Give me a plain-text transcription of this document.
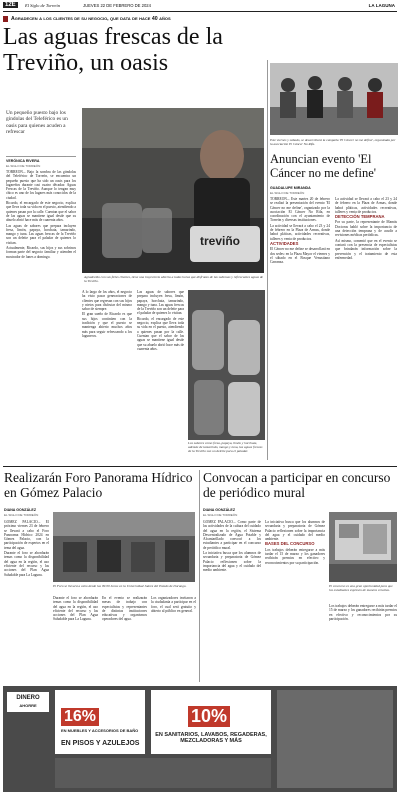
12E	El Siglo de Torreón	JUEVES 22 DE FEBRERO DE 2024	LA LAGUNA
Agradecen a los clientes de su negocio, que data de hace 40 años
Las aguas frescas de la Treviño, un oasis
Un pequeño puesto bajo los gindolas del Teleférico es un oasis para quienes acuden a refrescar
VERÓNICA RIVERA
EL SIGLO DE TORREÓN

TORREÓN.– Bajo la sombra de las góndolas del Teleférico de Torreón, se encuentra un pequeño puesto que ha sido un oasis para los lugareños durante casi cuatro décadas: Aguas Frescas de la Treviño. Aunque lo tengan muy chico es uno de los lugares más conocidos de la ciudad.

Ricardo, el encargado de este negocio, explica que lleva toda su vida en el puesto, atendiendo a quienes pasan por la calle. Cuentan que el sabor de las aguas se mantiene igual desde que su abuelo abrió hace más de cuarenta años.

Las aguas de sabores que prepara incluyen fresa, limón, papaya, horchata, tamarindo, mango y tuna. Las aguas frescas de la Treviño son un deleite para el paladar de quienes lo visitan.

Actualmente, Ricardo, sus hijos y sus sobrinos forman parte del negocio familiar y atienden el mostrador de lunes a domingo.

treviño
Agradecido con sus fieles clientes, tiene una trayectoria abierta a todas horas que disfrutan de las sabrosas y refrescantes aguas de la Treviño.

A lo largo de los años, el negocio ha visto pasar generaciones de clientes que regresan con sus hijos y nietos para disfrutar del mismo sabor de siempre.

El gran sueño de Ricardo es que sus hijos continúen con la tradición y que el puesto se mantenga abierto muchos años más para seguir refrescando a los laguneros.

Las aguas de sabores que prepara incluyen fresa, limón, papaya, horchata, tamarindo, mango y tuna. Las aguas frescas de la Treviño son un deleite para el paladar de quienes lo visitan.

Ricardo, el encargado de este negocio, explica que lleva toda su vida en el puesto, atendiendo a quienes pasan por la calle. Cuentan que el sabor de las aguas se mantiene igual desde que su abuelo abrió hace más de cuarenta años.

Los sabores como fresa, papaya, limón y horchata, además de tamarindo, mango y tuna, las aguas frescas de la Treviño son un deleite para el paladar.
Este viernes y sábado, se desarrollará la campaña 'El Cáncer no me define', organizada por la asociación El Cáncer No Rifa.
Anuncian evento 'El Cáncer no me define'
GUADALUPE MIRANDA
EL SIGLO DE TORREÓN

TORREÓN.– Este martes 20 de febrero se realizó la presentación del evento 'El Cáncer no me define', organizado por la asociación El Cáncer No Rifa, en coordinación con el ayuntamiento de Torreón y diversas instituciones.

La actividad se llevará a cabo el 23 y 24 de febrero en la Plaza de Armas, donde habrá pláticas, actividades recreativas, talleres y venta de productos.

ACTIVIDADES

El Cáncer no me define se desarrollará en dos sedes: en la Plaza Mayor el viernes y el sábado en el Bosque Venustiano Carranza.

La actividad se llevará a cabo el 23 y 24 de febrero en la Plaza de Armas, donde habrá pláticas, actividades recreativas, talleres y venta de productos.

DETECCIÓN TEMPRANA

Por su parte, la representante de Mamás Doctoras habló sobre la importancia de una detección temprana y de acudir a revisiones médicas periódicas.

Así mismo, comentó que en el evento se contará con la presencia de especialistas que brindarán información sobre la prevención y el tratamiento de esta enfermedad.

Realizarán Foro Panorama Hídrico en Gómez Palacio
DIANA GONZÁLEZ
EL SIGLO DE TORREÓN

GÓMEZ PALACIO.– El próximo viernes 23 de febrero se llevará a cabo el Foro Panorama Hídrico 2024 en Gómez Palacio, con la participación de expertos en el tema del agua.

Durante el foro se abordarán temas como la disponibilidad del agua en la región, el uso eficiente del recurso y las acciones del Plan Agua Saludable para La Laguna.

El Foro se llevará a cabo desde las 09:00 horas en la Universidad Juárez del Estado de Durango.

Durante el foro se abordarán temas como la disponibilidad del agua en la región, el uso eficiente del recurso y las acciones del Plan Agua Saludable para La Laguna.

En el evento se realizarán mesas de trabajo con especialistas y representantes de distintas instituciones educativas y organismos operadores del agua.

Los organizadores invitaron a la ciudadanía a participar en el foro, el cual será gratuito y abierto al público en general.

Convocan a participar en concurso de periódico mural
DIANA GONZÁLEZ
EL SIGLO DE TORREÓN

GÓMEZ PALACIO.– Como parte de las actividades de la cultura del cuidado del agua en la región, el Sistema Descentralizado de Agua Potable y Alcantarillado convocó a los estudiantes a participar en el concurso de periódico mural.

La iniciativa busca que los alumnos de secundaria y preparatoria de Gómez Palacio reflexionen sobre la importancia del agua y el cuidado del medio ambiente.

La iniciativa busca que los alumnos de secundaria y preparatoria de Gómez Palacio reflexionen sobre la importancia del agua y el cuidado del medio ambiente.

BASES DEL CONCURSO

Los trabajos deberán entregarse a más tardar el 15 de marzo y los ganadores recibirán premios en efectivo y reconocimientos por su participación.

El concurso es una gran oportunidad para que los estudiantes expresen de manera creativa.

Los trabajos deberán entregarse a más tardar el 15 de marzo y los ganadores recibirán premios en efectivo y reconocimientos por su participación.

DINERO
AHORRE
16%
EN MUEBLES Y ACCESORIOS DE BAÑO
EN PISOS Y AZULEJOS
10%
EN SANITARIOS, LAVABOS, REGADERAS, MEZCLADORAS Y MÁS
